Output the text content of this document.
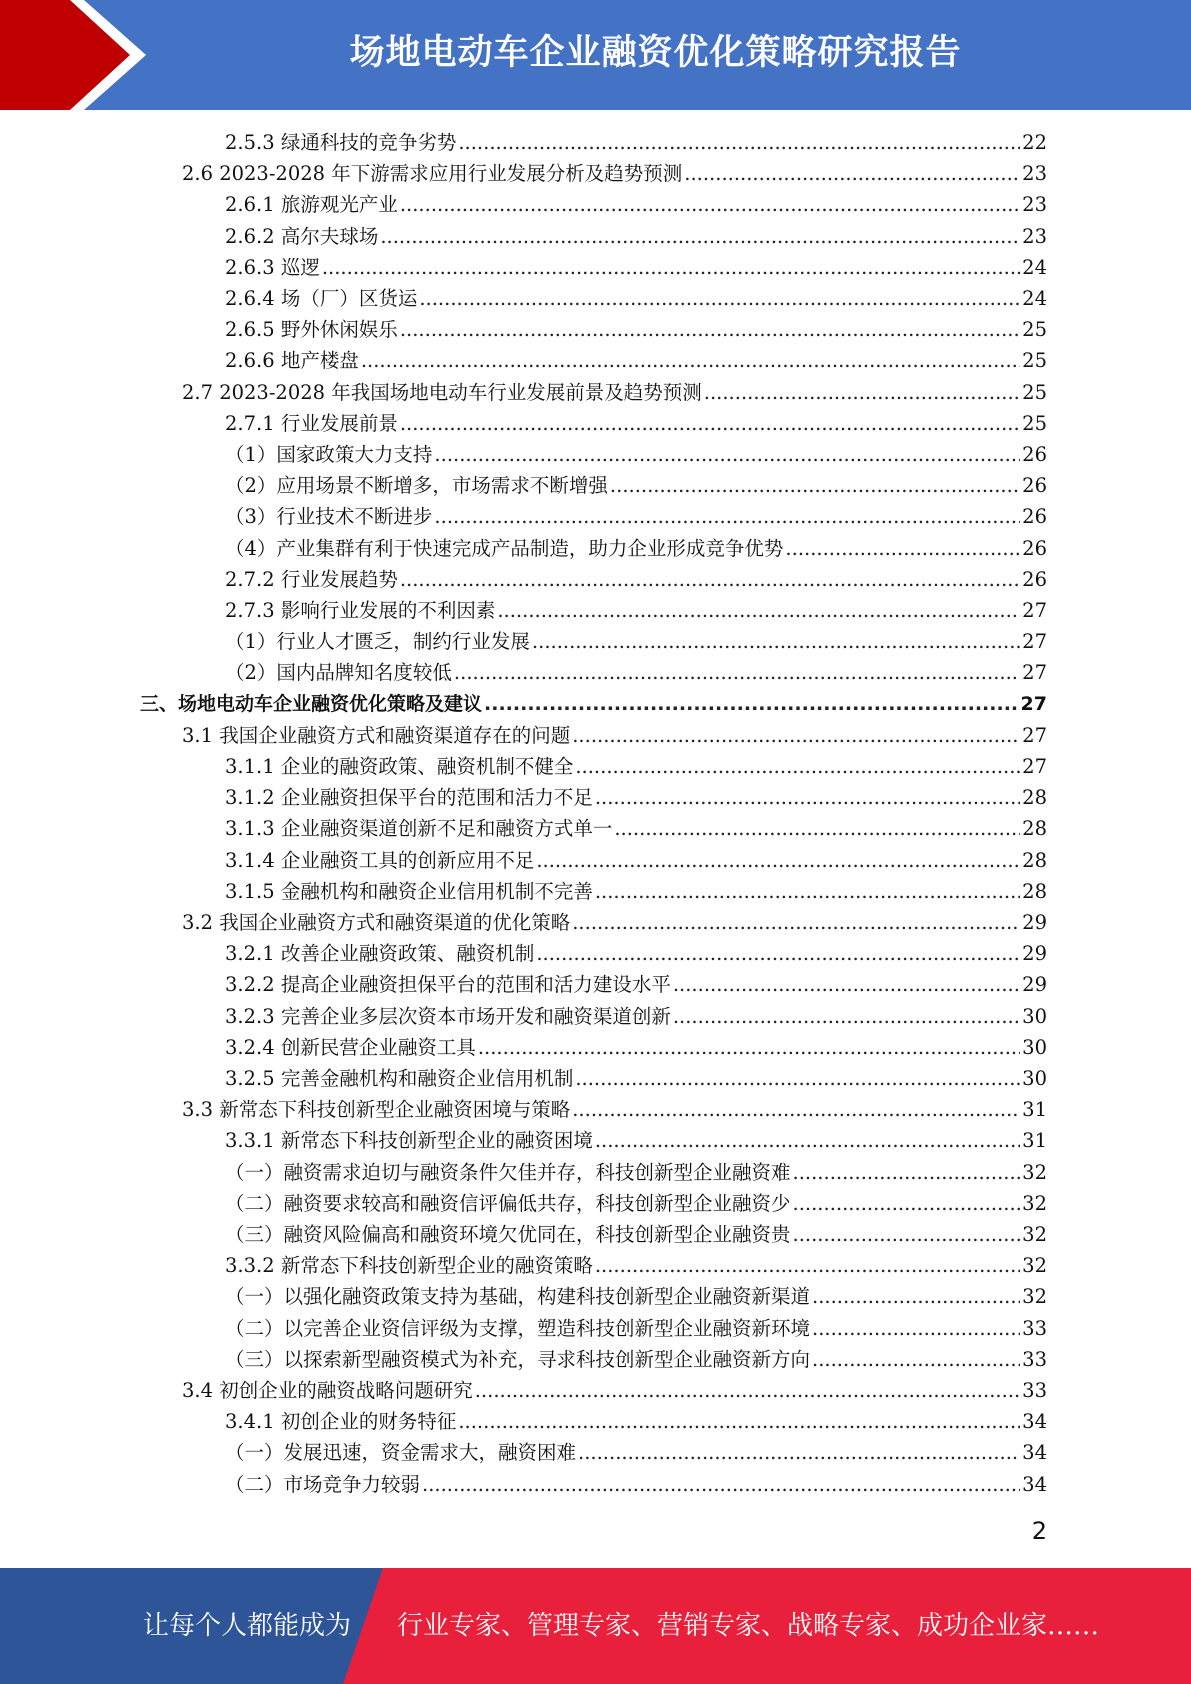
场地电动车企业融资优化策略研究报告
2.5.3 绿通科技的竞争劣势 .....	22
2.6 2023-2028 年下游需求应用行业发展分析及趋势预测 .....	23
2.6.1 旅游观光产业 .....	23
2.6.2 高尔夫球场 .....	23
2.6.3 巡逻 .....	24
2.6.4 场（厂）区货运 .....	24
2.6.5 野外休闲娱乐 .....	25
2.6.6 地产楼盘 .....	25
2.7 2023-2028 年我国场地电动车行业发展前景及趋势预测 .....	25
2.7.1 行业发展前景 .....	25
（1）国家政策大力支持 .....	26
（2）应用场景不断增多，市场需求不断增强 .....	26
（3）行业技术不断进步 .....	26
（4）产业集群有利于快速完成产品制造，助力企业形成竞争优势 .....	26
2.7.2 行业发展趋势 .....	26
2.7.3 影响行业发展的不利因素 .....	27
（1）行业人才匮乏，制约行业发展 .....	27
（2）国内品牌知名度较低 .....	27
三、场地电动车企业融资优化策略及建议 .....	27
3.1 我国企业融资方式和融资渠道存在的问题 .....	27
3.1.1 企业的融资政策、融资机制不健全 .....	27
3.1.2 企业融资担保平台的范围和活力不足 .....	28
3.1.3 企业融资渠道创新不足和融资方式单一 .....	28
3.1.4 企业融资工具的创新应用不足 .....	28
3.1.5 金融机构和融资企业信用机制不完善 .....	28
3.2 我国企业融资方式和融资渠道的优化策略 .....	29
3.2.1 改善企业融资政策、融资机制 .....	29
3.2.2 提高企业融资担保平台的范围和活力建设水平 .....	29
3.2.3 完善企业多层次资本市场开发和融资渠道创新 .....	30
3.2.4 创新民营企业融资工具 .....	30
3.2.5 完善金融机构和融资企业信用机制 .....	30
3.3 新常态下科技创新型企业融资困境与策略 .....	31
3.3.1 新常态下科技创新型企业的融资困境 .....	31
（一）融资需求迫切与融资条件欠佳并存，科技创新型企业融资难 .....	32
（二）融资要求较高和融资信评偏低共存，科技创新型企业融资少 .....	32
（三）融资风险偏高和融资环境欠优同在，科技创新型企业融资贵 .....	32
3.3.2 新常态下科技创新型企业的融资策略 .....	32
（一）以强化融资政策支持为基础，构建科技创新型企业融资新渠道 .....	32
（二）以完善企业资信评级为支撑，塑造科技创新型企业融资新环境 .....	33
（三）以探索新型融资模式为补充，寻求科技创新型企业融资新方向 .....	33
3.4 初创企业的融资战略问题研究 .....	33
3.4.1 初创企业的财务特征 .....	34
（一）发展迅速，资金需求大，融资困难 .....	34
（二）市场竞争力较弱 .....	34
2
让每个人都能成为 行业专家、管理专家、营销专家、战略专家、成功企业家……
